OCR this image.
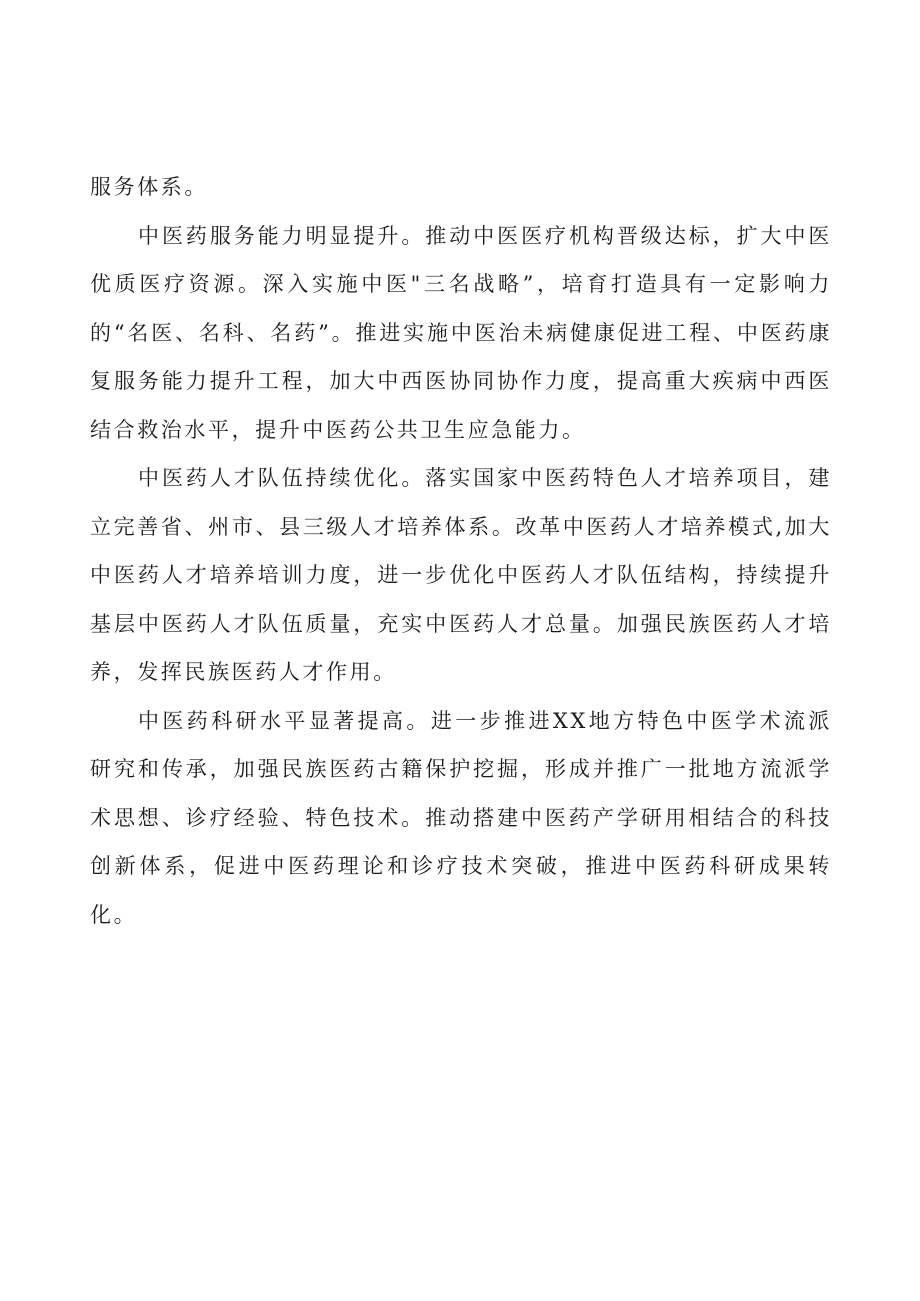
服务体系。

中医药服务能力明显提升。推动中医医疗机构晋级达标，扩大中医优质医疗资源。深入实施中医"三名战略”，培育打造具有一定影响力的“名医、名科、名药”。推进实施中医治未病健康促进工程、中医药康复服务能力提升工程，加大中西医协同协作力度，提高重大疾病中西医结合救治水平，提升中医药公共卫生应急能力。

中医药人才队伍持续优化。落实国家中医药特色人才培养项目，建立完善省、州市、县三级人才培养体系。改革中医药人才培养模式,加大中医药人才培养培训力度，进一步优化中医药人才队伍结构，持续提升基层中医药人才队伍质量，充实中医药人才总量。加强民族医药人才培养，发挥民族医药人才作用。

中医药科研水平显著提高。进一步推进XX地方特色中医学术流派研究和传承，加强民族医药古籍保护挖掘，形成并推广一批地方流派学术思想、诊疗经验、特色技术。推动搭建中医药产学研用相结合的科技创新体系，促进中医药理论和诊疗技术突破，推进中医药科研成果转化。
